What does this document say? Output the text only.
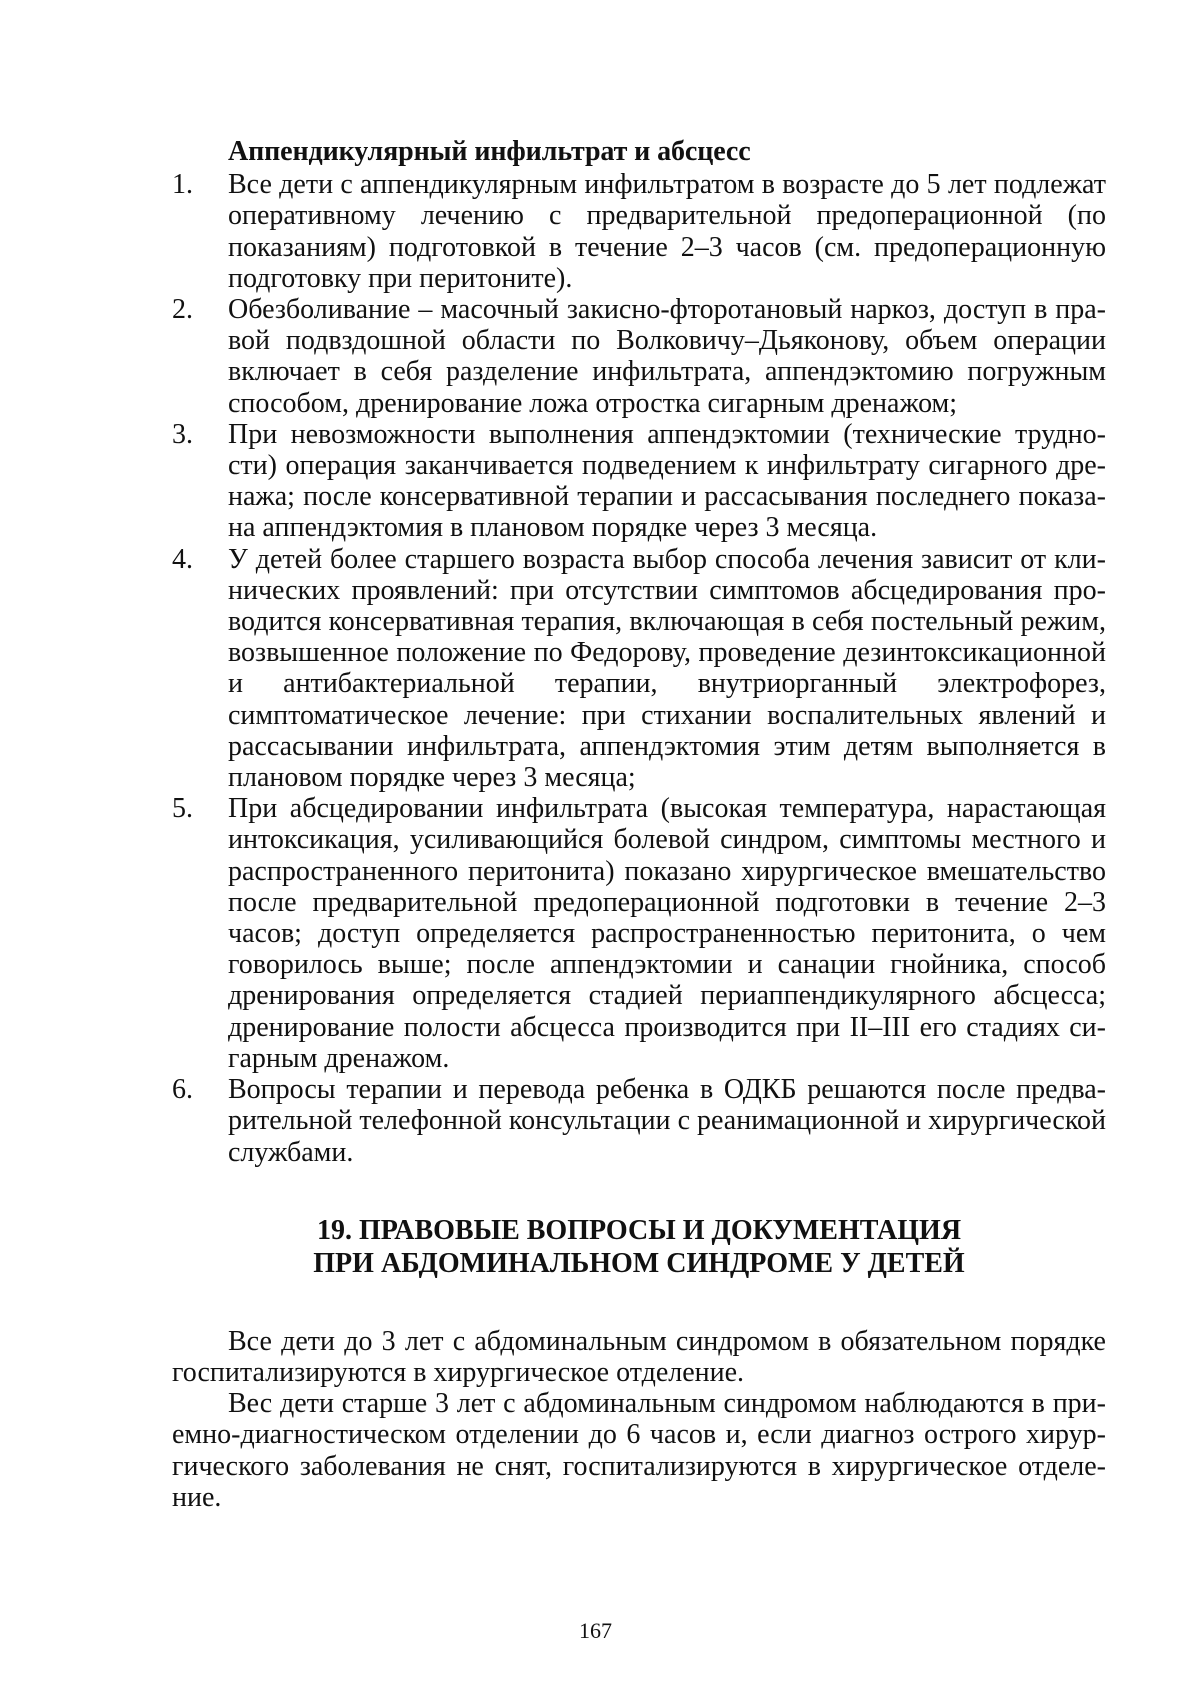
Аппендикулярный инфильтрат и абсцесс
1. Все дети с аппендикулярным инфильтратом в возрасте до 5 лет подлежат оперативному лечению с предварительной предоперационной (по показаниям) подготовкой в течение 2–3 часов (см. предоперационную подготовку при перитоните).
2. Обезболивание – масочный закисно-фторотановый наркоз, доступ в правой подвздошной области по Волковичу–Дьяконову, объем операции включает в себя разделение инфильтрата, аппендэктомию погружным способом, дренирование ложа отростка сигарным дренажом;
3. При невозможности выполнения аппендэктомии (технические трудности) операция заканчивается подведением к инфильтрату сигарного дренажа; после консервативной терапии и рассасывания последнего показана аппендэктомия в плановом порядке через 3 месяца.
4. У детей более старшего возраста выбор способа лечения зависит от клинических проявлений: при отсутствии симптомов абсцедирования проводится консервативная терапия, включающая в себя постельный режим, возвышенное положение по Федорову, проведение дезинтоксикационной и антибактериальной терапии, внутриорганный электрофорез, симптоматическое лечение: при стихании воспалительных явлений и рассасывании инфильтрата, аппендэктомия этим детям выполняется в плановом порядке через 3 месяца;
5. При абсцедировании инфильтрата (высокая температура, нарастающая интоксикация, усиливающийся болевой синдром, симптомы местного и распространенного перитонита) показано хирургическое вмешательство после предварительной предоперационной подготовки в течение 2–3 часов; доступ определяется распространенностью перитонита, о чем говорилось выше; после аппендэктомии и санации гнойника, способ дренирования определяется стадией периаппендикулярного абсцесса; дренирование полости абсцесса производится при II–III его стадиях сигарным дренажом.
6. Вопросы терапии и перевода ребенка в ОДКБ решаются после предварительной телефонной консультации с реанимационной и хирургической службами.
19. ПРАВОВЫЕ ВОПРОСЫ И ДОКУМЕНТАЦИЯ
ПРИ АБДОМИНАЛЬНОМ СИНДРОМЕ У ДЕТЕЙ

Все дети до 3 лет с абдоминальным синдромом в обязательном порядке госпитализируются в хирургическое отделение.

Вес дети старше 3 лет с абдоминальным синдромом наблюдаются в приемно-диагностическом отделении до 6 часов и, если диагноз острого хирургического заболевания не снят, госпитализируются в хирургическое отделение.

167
